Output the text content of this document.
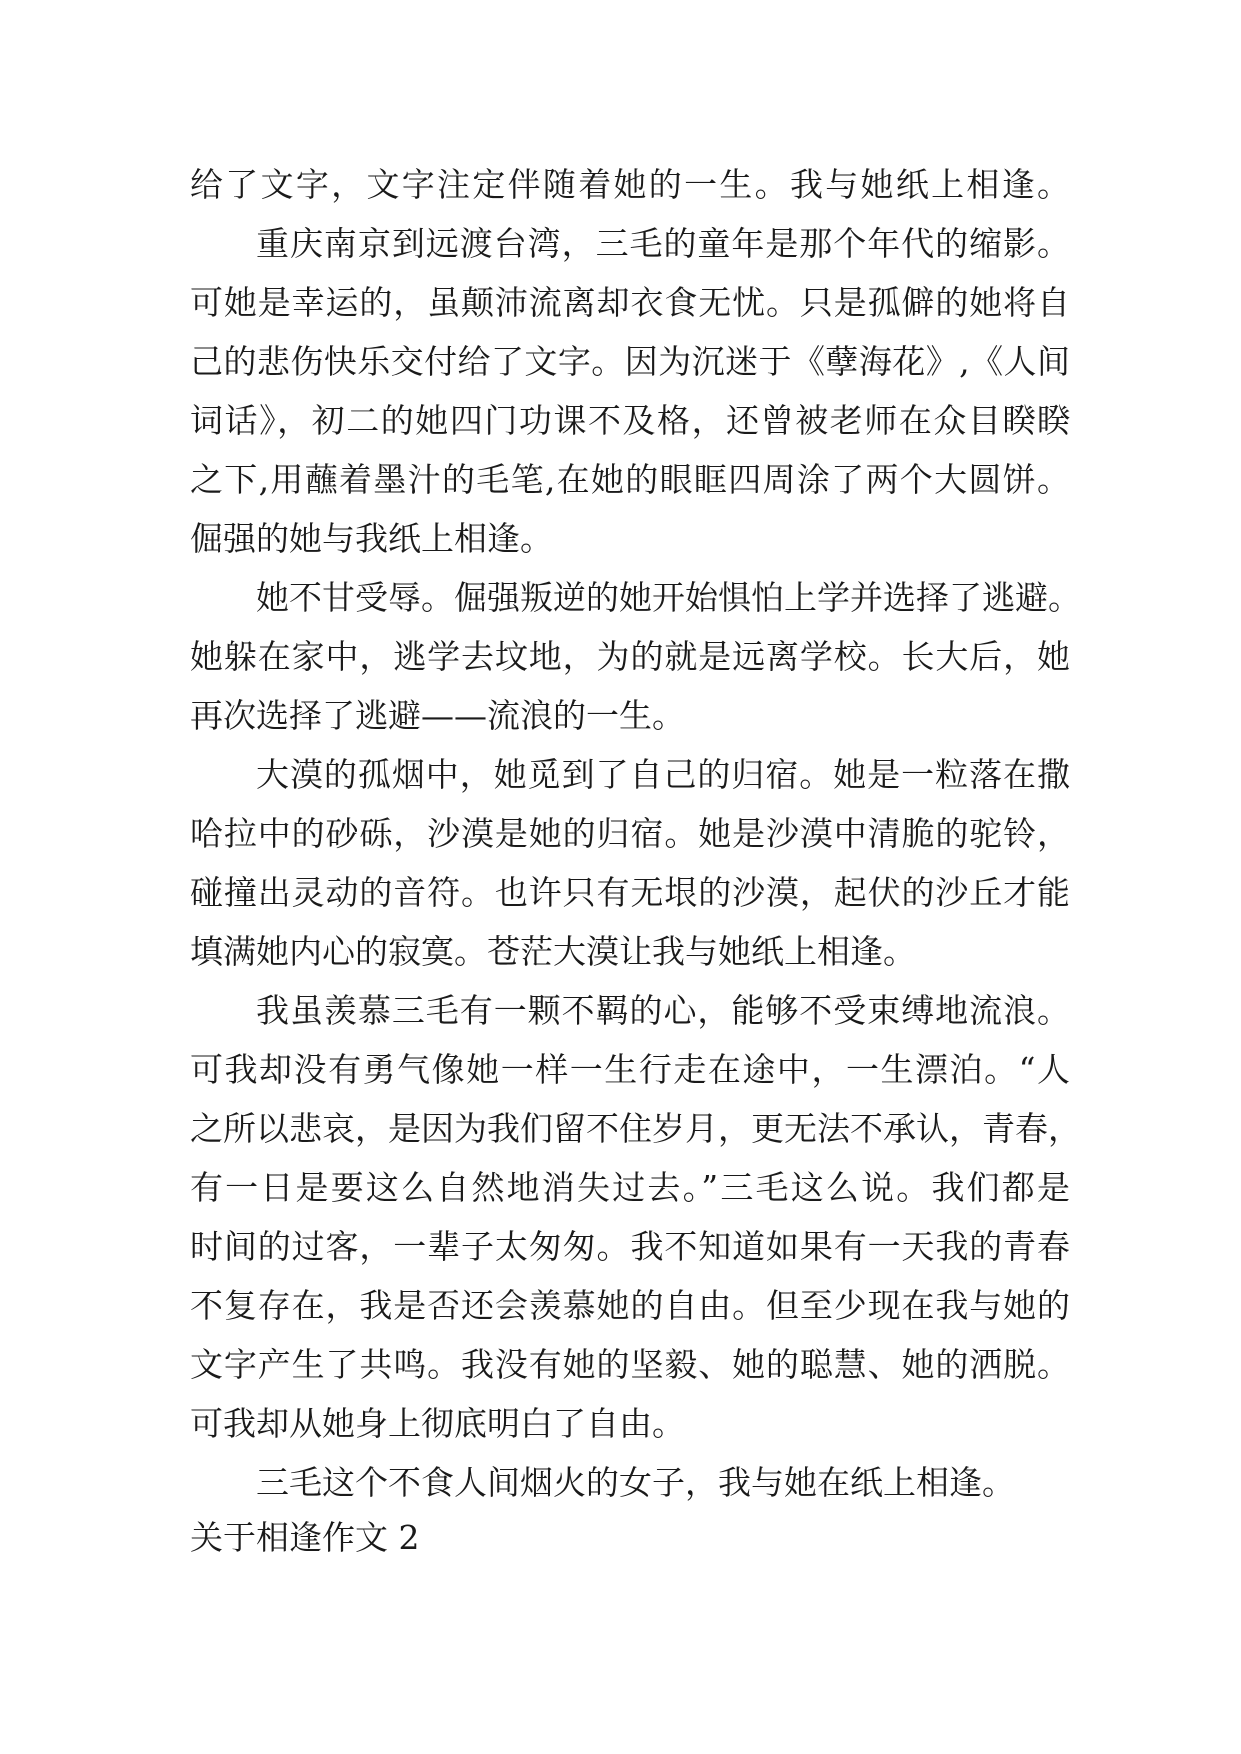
给了文字，文字注定伴随着她的一生。我与她纸上相逢。
重庆南京到远渡台湾，三毛的童年是那个年代的缩影。
可她是幸运的，虽颠沛流离却衣食无忧。只是孤僻的她将自
己的悲伤快乐交付给了文字。因为沉迷于《孽海花》,《人间
词话》，初二的她四门功课不及格，还曾被老师在众目睽睽
之下,用蘸着墨汁的毛笔,在她的眼眶四周涂了两个大圆饼。
倔强的她与我纸上相逢。
她不甘受辱。倔强叛逆的她开始惧怕上学并选择了逃避。
她躲在家中，逃学去坟地，为的就是远离学校。长大后，她
再次选择了逃避——流浪的一生。
大漠的孤烟中，她觅到了自己的归宿。她是一粒落在撒
哈拉中的砂砾，沙漠是她的归宿。她是沙漠中清脆的驼铃，
碰撞出灵动的音符。也许只有无垠的沙漠，起伏的沙丘才能
填满她内心的寂寞。苍茫大漠让我与她纸上相逢。
我虽羡慕三毛有一颗不羁的心，能够不受束缚地流浪。
可我却没有勇气像她一样一生行走在途中，一生漂泊。“人
之所以悲哀，是因为我们留不住岁月，更无法不承认，青春，
有一日是要这么自然地消失过去。”三毛这么说。我们都是
时间的过客，一辈子太匆匆。我不知道如果有一天我的青春
不复存在，我是否还会羡慕她的自由。但至少现在我与她的
文字产生了共鸣。我没有她的坚毅、她的聪慧、她的洒脱。
可我却从她身上彻底明白了自由。
三毛这个不食人间烟火的女子，我与她在纸上相逢。
关于相逢作文 2
